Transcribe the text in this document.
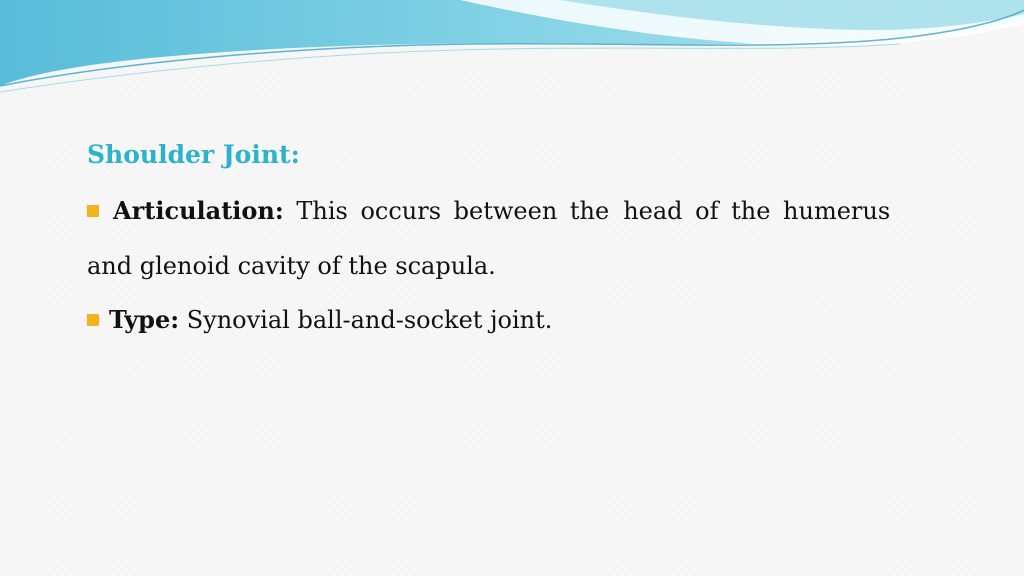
Shoulder Joint:
Articulation: This occurs between the head of the humerus
and glenoid cavity of the scapula.
Type: Synovial ball-and-socket joint.
